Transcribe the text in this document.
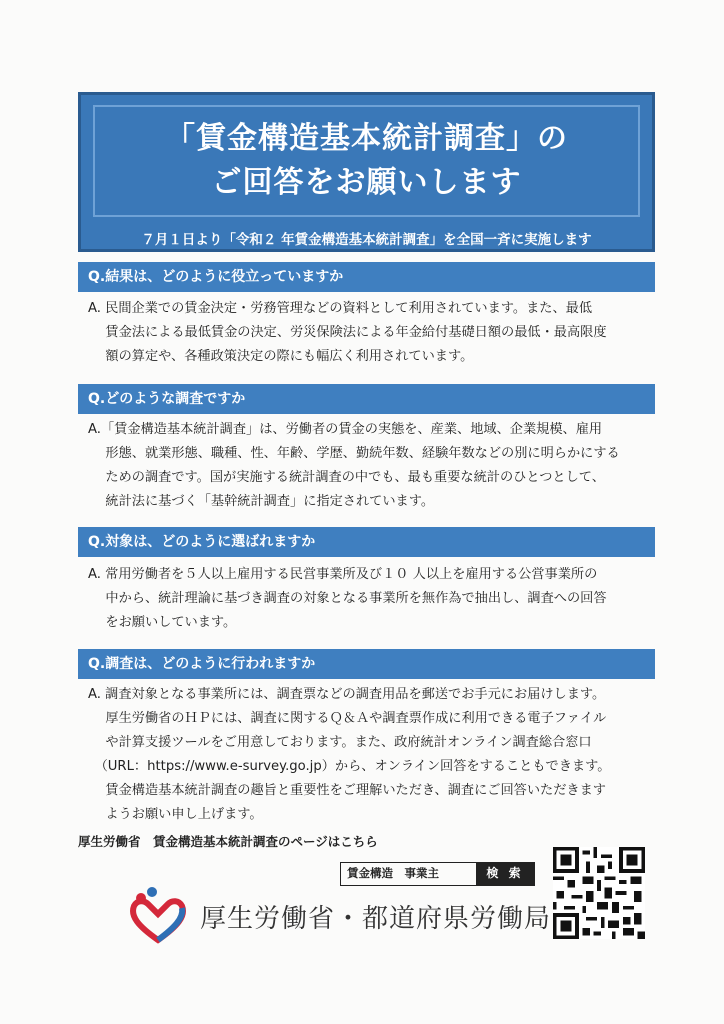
「賃金構造基本統計調査」の
ご回答をお願いします
７月１日より「令和２ 年賃金構造基本統計調査」を全国一斉に実施します
Q.結果は、どのように役立っていますか

A. 民間企業での賃金決定・労務管理などの資料として利用されています。また、最低

　 賃金法による最低賃金の決定、労災保険法による年金給付基礎日額の最低・最高限度

　 額の算定や、各種政策決定の際にも幅広く利用されています。

Q.どのような調査ですか

A.「賃金構造基本統計調査」は、労働者の賃金の実態を、産業、地域、企業規模、雇用

　 形態、就業形態、職種、性、年齢、学歴、勤続年数、経験年数などの別に明らかにする

　 ための調査です。国が実施する統計調査の中でも、最も重要な統計のひとつとして、

　 統計法に基づく「基幹統計調査」に指定されています。

Q.対象は、どのように選ばれますか

A. 常用労働者を５人以上雇用する民営事業所及び１０ 人以上を雇用する公営事業所の

　 中から、統計理論に基づき調査の対象となる事業所を無作為で抽出し、調査への回答

　 をお願いしています。

Q.調査は、どのように行われますか

A. 調査対象となる事業所には、調査票などの調査用品を郵送でお手元にお届けします。

　 厚生労働省のＨＰには、調査に関するＱ＆Ａや調査票作成に利用できる電子ファイル

　 や計算支援ツールをご用意しております。また、政府統計オンライン調査総合窓口

　（URL：https://www.e-survey.go.jp）から、オンライン回答をすることもできます。

　 賃金構造基本統計調査の趣旨と重要性をご理解いただき、調査にご回答いただきます

　 ようお願い申し上げます。

厚生労働省　賃金構造基本統計調査のページはこちら
賃金構造　事業主	検 索
厚生労働省・都道府県労働局
